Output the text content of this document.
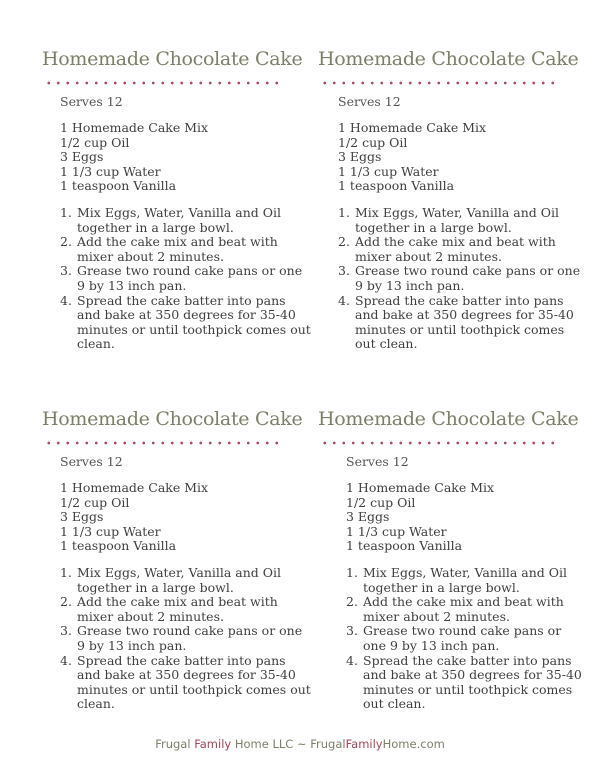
Homemade Chocolate Cake
Serves 12
1 Homemade Cake Mix
1/2 cup Oil
3 Eggs
1 1/3 cup Water
1 teaspoon Vanilla
1. Mix Eggs, Water, Vanilla and Oil together in a large bowl.
2. Add the cake mix and beat with mixer about 2 minutes.
3. Grease two round cake pans or one 9 by 13 inch pan.
4. Spread the cake batter into pans and bake at 350 degrees for 35-40 minutes or until toothpick comes out clean.
Homemade Chocolate Cake
Serves 12
1 Homemade Cake Mix
1/2 cup Oil
3 Eggs
1 1/3 cup Water
1 teaspoon Vanilla
1. Mix Eggs, Water, Vanilla and Oil together in a large bowl.
2. Add the cake mix and beat with mixer about 2 minutes.
3. Grease two round cake pans or one 9 by 13 inch pan.
4. Spread the cake batter into pans and bake at 350 degrees for 35-40 minutes or until toothpick comes out clean.
Homemade Chocolate Cake
Serves 12
1 Homemade Cake Mix
1/2 cup Oil
3 Eggs
1 1/3 cup Water
1 teaspoon Vanilla
1. Mix Eggs, Water, Vanilla and Oil together in a large bowl.
2. Add the cake mix and beat with mixer about 2 minutes.
3. Grease two round cake pans or one 9 by 13 inch pan.
4. Spread the cake batter into pans and bake at 350 degrees for 35-40 minutes or until toothpick comes out clean.
Homemade Chocolate Cake
Serves 12
1 Homemade Cake Mix
1/2 cup Oil
3 Eggs
1 1/3 cup Water
1 teaspoon Vanilla
1. Mix Eggs, Water, Vanilla and Oil together in a large bowl.
2. Add the cake mix and beat with mixer about 2 minutes.
3. Grease two round cake pans or one 9 by 13 inch pan.
4. Spread the cake batter into pans and bake at 350 degrees for 35-40 minutes or until toothpick comes out clean.
Frugal Family Home LLC ~ FrugalFamilyHome.com
